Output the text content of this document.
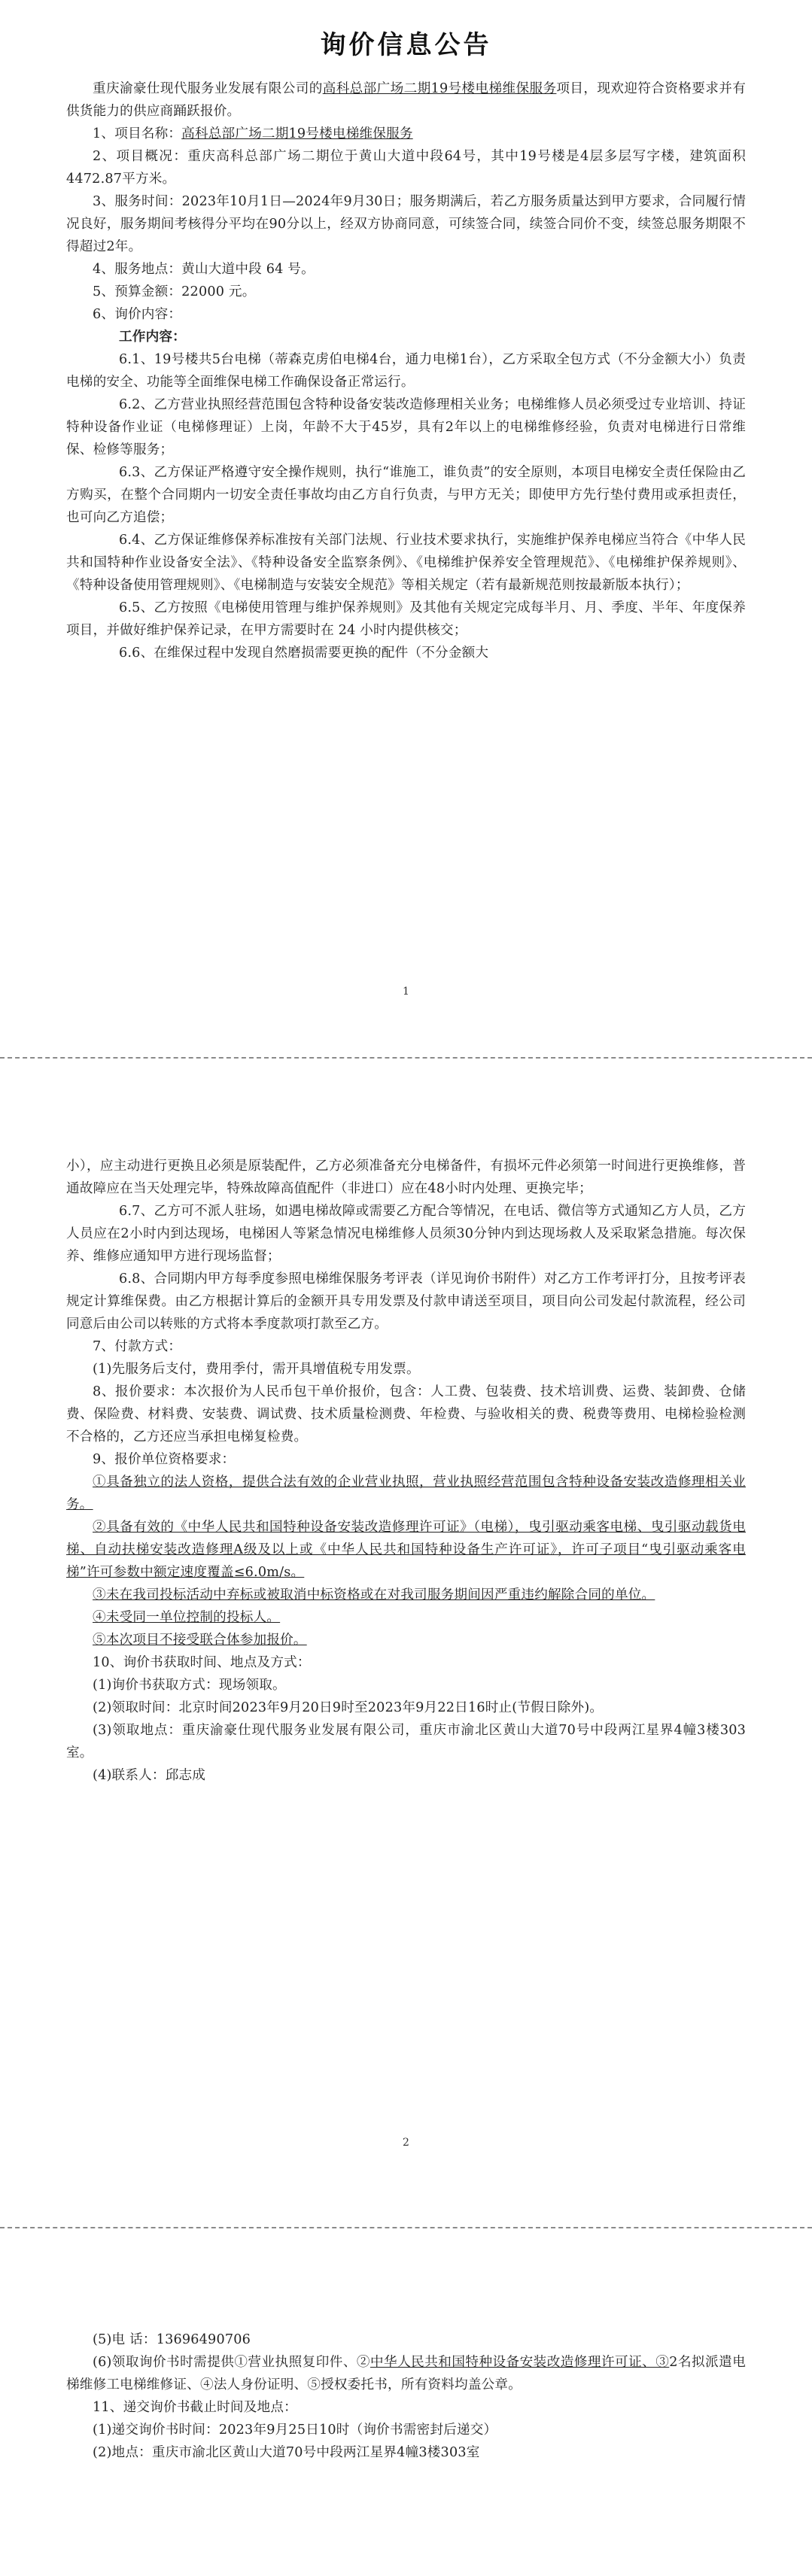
询价信息公告

重庆渝豪仕现代服务业发展有限公司的高科总部广场二期19号楼电梯维保服务项目，现欢迎符合资格要求并有供货能力的供应商踊跃报价。

1、项目名称：高科总部广场二期19号楼电梯维保服务

2、项目概况：重庆高科总部广场二期位于黄山大道中段64号，其中19号楼是4层多层写字楼，建筑面积4472.87平方米。

3、服务时间：2023年10月1日—2024年9月30日；服务期满后，若乙方服务质量达到甲方要求，合同履行情况良好，服务期间考核得分平均在90分以上，经双方协商同意，可续签合同，续签合同价不变，续签总服务期限不得超过2年。

4、服务地点：黄山大道中段 64 号。

5、预算金额：22000 元。

6、询价内容：

工作内容：

6.1、19号楼共5台电梯（蒂森克虏伯电梯4台，通力电梯1台），乙方采取全包方式（不分金额大小）负责电梯的安全、功能等全面维保电梯工作确保设备正常运行。

6.2、乙方营业执照经营范围包含特种设备安装改造修理相关业务；电梯维修人员必须受过专业培训、持证特种设备作业证（电梯修理证）上岗，年龄不大于45岁，具有2年以上的电梯维修经验，负责对电梯进行日常维保、检修等服务；

6.3、乙方保证严格遵守安全操作规则，执行“谁施工，谁负责”的安全原则，本项目电梯安全责任保险由乙方购买，在整个合同期内一切安全责任事故均由乙方自行负责，与甲方无关；即使甲方先行垫付费用或承担责任，也可向乙方追偿；

6.4、乙方保证维修保养标准按有关部门法规、行业技术要求执行，实施维护保养电梯应当符合《中华人民共和国特种作业设备安全法》、《特种设备安全监察条例》、《电梯维护保养安全管理规范》、《电梯维护保养规则》、《特种设备使用管理规则》、《电梯制造与安装安全规范》等相关规定（若有最新规范则按最新版本执行）；

6.5、乙方按照《电梯使用管理与维护保养规则》及其他有关规定完成每半月、月、季度、半年、年度保养项目，并做好维护保养记录，在甲方需要时在 24 小时内提供核交；

6.6、在维保过程中发现自然磨损需要更换的配件（不分金额大

1

小），应主动进行更换且必须是原装配件，乙方必须准备充分电梯备件，有损坏元件必须第一时间进行更换维修，普通故障应在当天处理完毕，特殊故障高值配件（非进口）应在48小时内处理、更换完毕；

6.7、乙方可不派人驻场，如遇电梯故障或需要乙方配合等情况，在电话、微信等方式通知乙方人员，乙方人员应在2小时内到达现场，电梯困人等紧急情况电梯维修人员须30分钟内到达现场救人及采取紧急措施。每次保养、维修应通知甲方进行现场监督；

6.8、合同期内甲方每季度参照电梯维保服务考评表（详见询价书附件）对乙方工作考评打分，且按考评表规定计算维保费。由乙方根据计算后的金额开具专用发票及付款申请送至项目，项目向公司发起付款流程，经公司同意后由公司以转账的方式将本季度款项打款至乙方。

7、付款方式：

(1)先服务后支付，费用季付，需开具增值税专用发票。

8、报价要求：本次报价为人民币包干单价报价，包含：人工费、包装费、技术培训费、运费、装卸费、仓储费、保险费、材料费、安装费、调试费、技术质量检测费、年检费、与验收相关的费、税费等费用、电梯检验检测不合格的，乙方还应当承担电梯复检费。

9、报价单位资格要求：

①具备独立的法人资格，提供合法有效的企业营业执照，营业执照经营范围包含特种设备安装改造修理相关业务。

②具备有效的《中华人民共和国特种设备安装改造修理许可证》（电梯），曳引驱动乘客电梯、曳引驱动载货电梯、自动扶梯安装改造修理A级及以上或《中华人民共和国特种设备生产许可证》，许可子项目“曳引驱动乘客电梯”许可参数中额定速度覆盖≤6.0m/s。

③未在我司投标活动中弃标或被取消中标资格或在对我司服务期间因严重违约解除合同的单位。

④未受同一单位控制的投标人。

⑤本次项目不接受联合体参加报价。

10、询价书获取时间、地点及方式：

(1)询价书获取方式：现场领取。

(2)领取时间：北京时间2023年9月20日9时至2023年9月22日16时止(节假日除外)。

(3)领取地点：重庆渝豪仕现代服务业发展有限公司，重庆市渝北区黄山大道70号中段两江星界4幢3楼303室。

(4)联系人：邱志成

2

(5)电 话：13696490706

(6)领取询价书时需提供①营业执照复印件、②中华人民共和国特种设备安装改造修理许可证、③2名拟派遣电梯维修工电梯维修证、④法人身份证明、⑤授权委托书，所有资料均盖公章。

11、递交询价书截止时间及地点：

(1)递交询价书时间：2023年9月25日10时（询价书需密封后递交）

(2)地点：重庆市渝北区黄山大道70号中段两江星界4幢3楼303室
